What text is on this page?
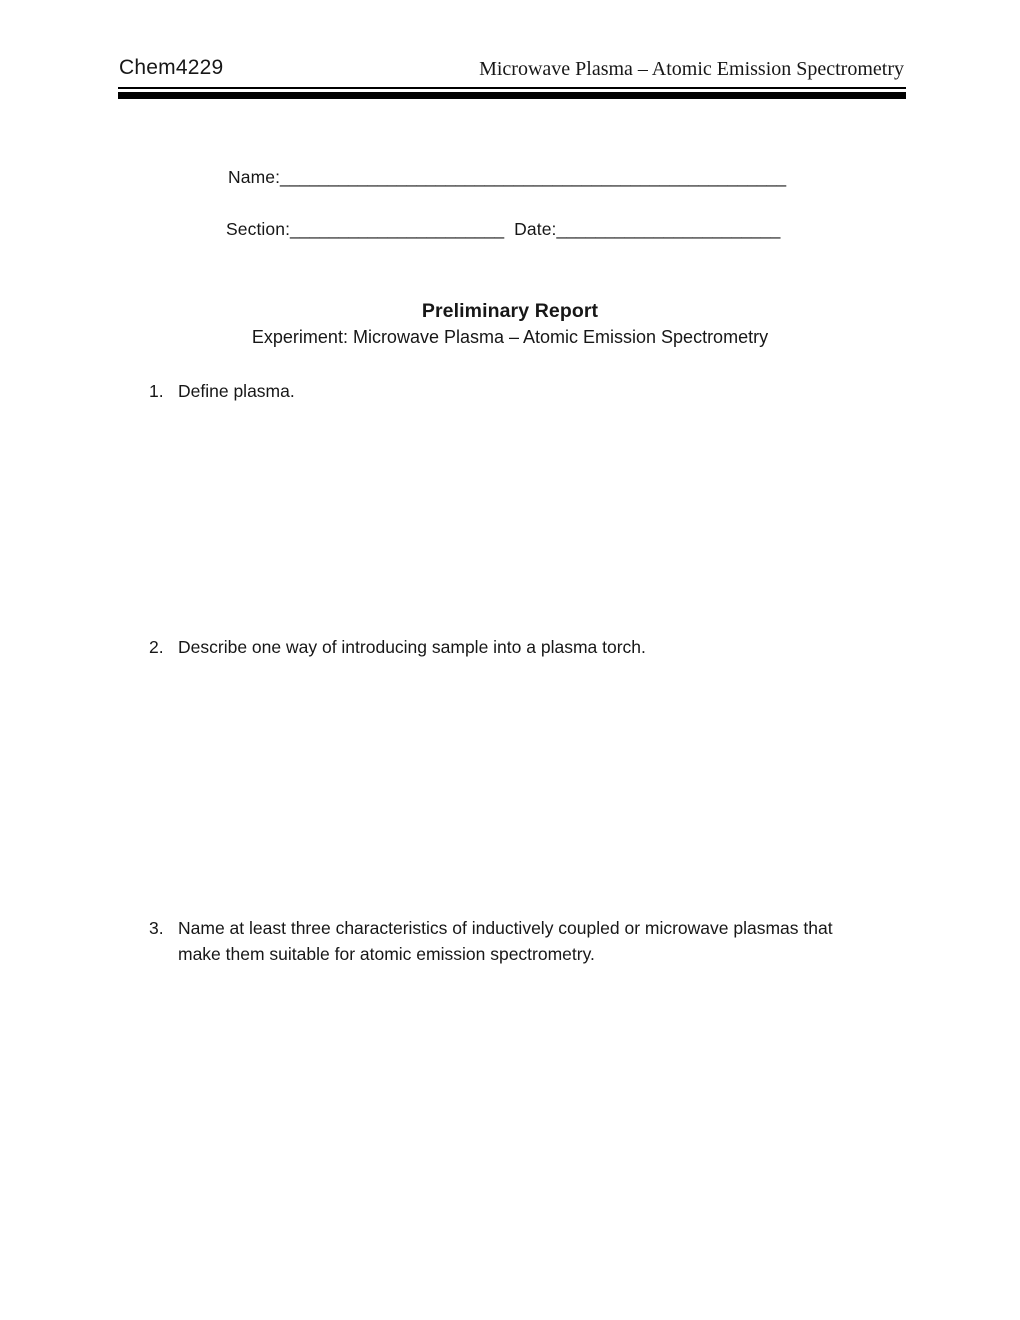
Chem4229	Microwave Plasma – Atomic Emission Spectrometry

Name:____________________________________________________

Section:______________________ Date:_______________________

Preliminary Report
Experiment: Microwave Plasma – Atomic Emission Spectrometry
1. Define plasma.
2. Describe one way of introducing sample into a plasma torch.
3. Name at least three characteristics of inductively coupled or microwave plasmas that
make them suitable for atomic emission spectrometry.
